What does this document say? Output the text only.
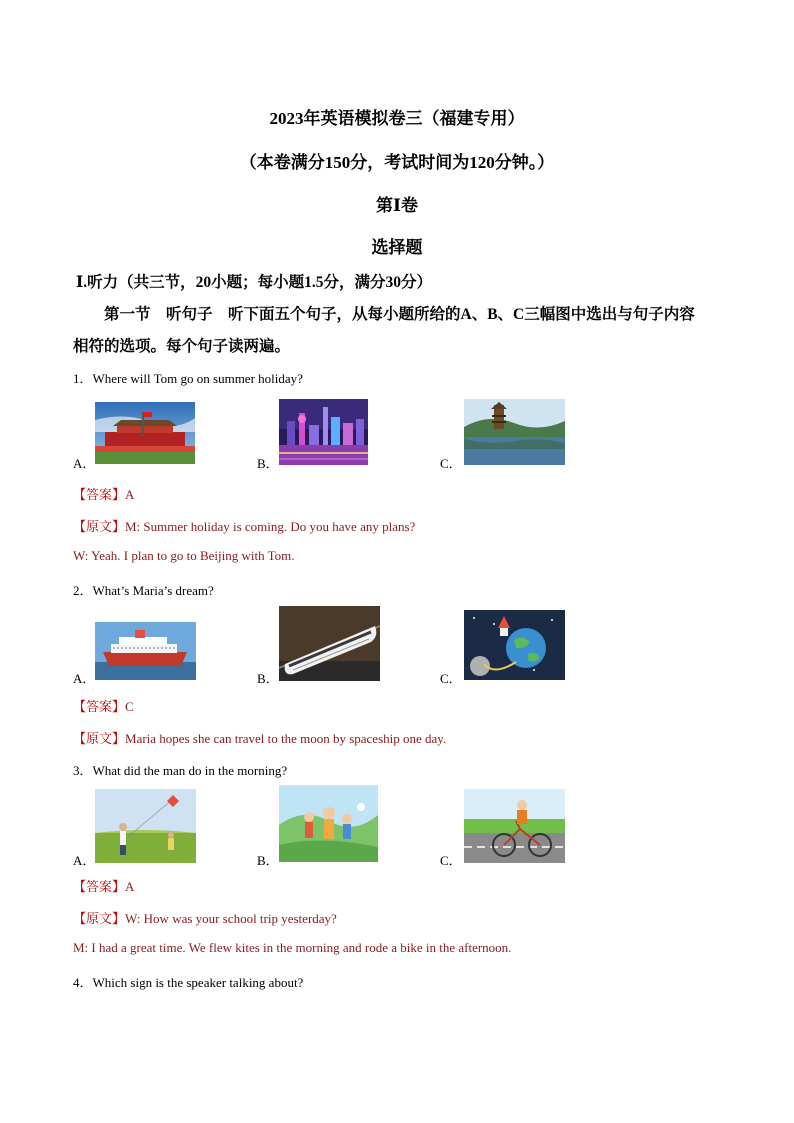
2023年英语模拟卷三（福建专用）
（本卷满分150分，考试时间为120分钟。）
第Ⅰ卷
选择题
Ⅰ.听力（共三节，20小题；每小题1.5分，满分30分）
第一节　听句子　听下面五个句子，从每小题所给的A、B、C三幅图中选出与句子内容
相符的选项。每个句子读两遍。
1．Where will Tom go on summer holiday?
A．	B．	C．
【答案】A
【原文】M: Summer holiday is coming. Do you have any plans?
W: Yeah. I plan to go to Beijing with Tom.
2．What’s Maria’s dream?
A．	B．	C．
【答案】C
【原文】Maria hopes she can travel to the moon by spaceship one day.
3．What did the man do in the morning?
A．	B．	C．
【答案】A
【原文】W: How was your school trip yesterday?
M: I had a great time. We flew kites in the morning and rode a bike in the afternoon.
4．Which sign is the speaker talking about?
